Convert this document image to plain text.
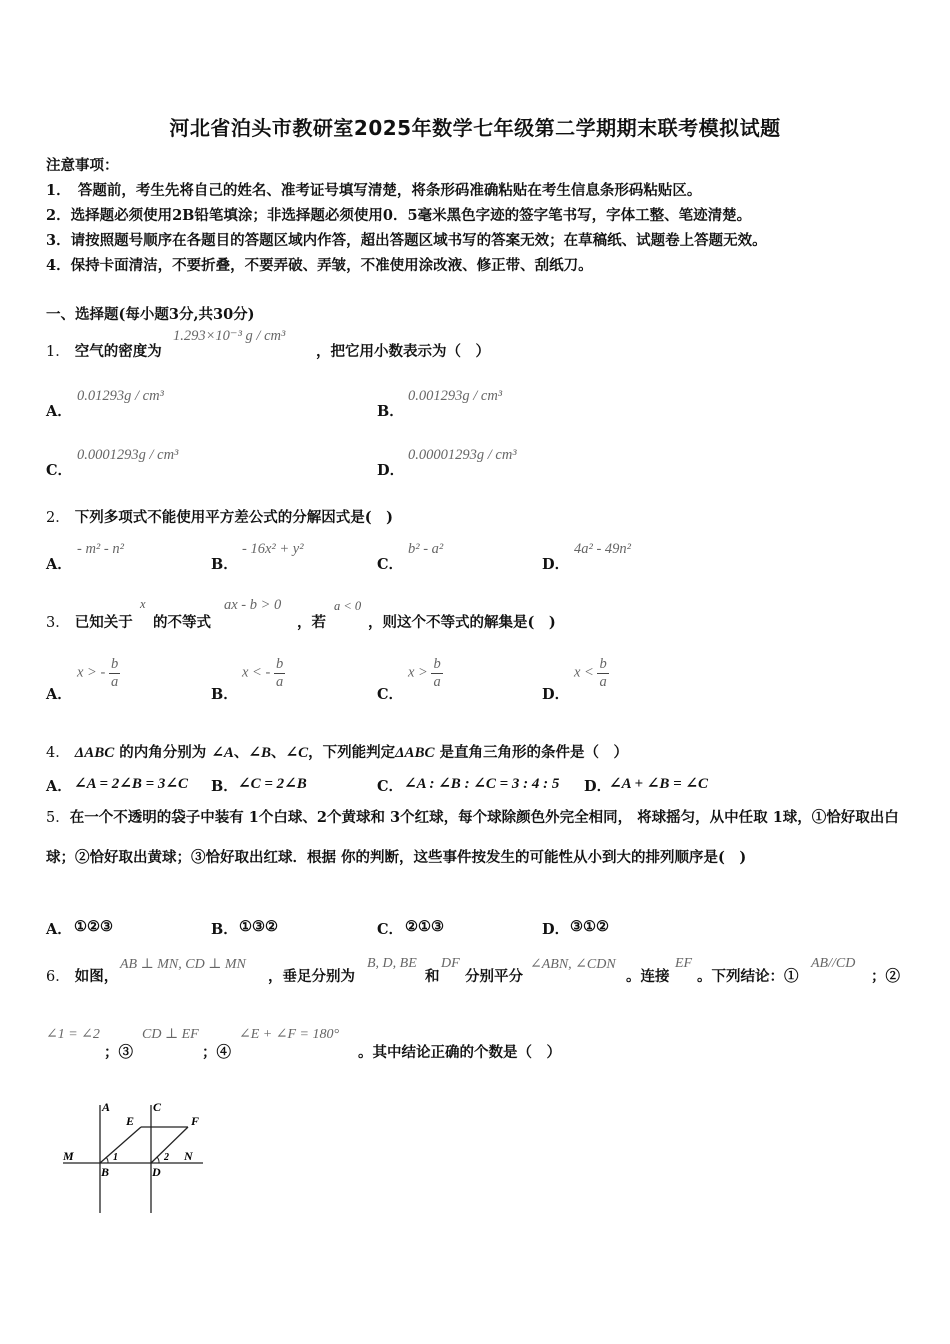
河北省泊头市教研室2025年数学七年级第二学期期末联考模拟试题
注意事项：
1．　答题前，考生先将自己的姓名、准考证号填写清楚，将条形码准确粘贴在考生信息条形码粘贴区。
2．选择题必须使用2B铅笔填涂；非选择题必须使用0．5毫米黑色字迹的签字笔书写，字体工整、笔迹清楚。
3．请按照题号顺序在各题目的答题区域内作答，超出答题区域书写的答案无效；在草稿纸、试题卷上答题无效。
4．保持卡面清洁，不要折叠，不要弄破、弄皱，不准使用涂改液、修正带、刮纸刀。
一、选择题(每小题3分,共30分)
1． 空气的密度为
1.293×10⁻³ g / cm³
，把它用小数表示为（　）
A．
0.01293g / cm³
B．
0.001293g / cm³
C．
0.0001293g / cm³
D．
0.00001293g / cm³
2． 下列多项式不能使用平方差公式的分解因式是(　)
A．
- m² - n²
B．
- 16x² + y²
C．
b² - a²
D．
4a² - 49n²
3． 已知关于
x
的不等式
ax - b > 0
，若
a < 0
，则这个不等式的解集是(　)
A．
x > - $\frac{b}{a}$
B．
x < - $\frac{b}{a}$
C．
$x > \frac{b}{a}$
D．
$x < \frac{b}{a}$
4． ΔABC 的内角分别为 ∠A、∠B、∠C，下列能判定ΔABC 是直角三角形的条件是（　）
A． ∠A = 2∠B = 3∠C B． ∠C = 2∠B	C． ∠A : ∠B : ∠C = 3 : 4 : 5 D．
∠A + ∠B = ∠C
5．在一个不透明的袋子中装有 1个白球、2个黄球和 3个红球，每个球除颜色外完全相同， 将球摇匀，从中任取 1球，①恰好取出白球；②恰好取出黄球；③恰好取出红球．根据 你的判断，这些事件按发生的可能性从小到大的排列顺序是(　)
A． ①②③	B． ①③②	C． ②①③	D． ③①②
6． 如图，
AB ⊥ MN, CD ⊥ MN
，垂足分别为
B, D, BE
和
DF
分别平分
∠ABN, ∠CDN
。连接
EF
。下列结论：①
AB//CD
；②
∠1 = ∠2
；③
CD ⊥ EF
；④
∠E + ∠F = 180°
。其中结论正确的个数是（　）
A	C
E	F
M	N
B	D
1	2
